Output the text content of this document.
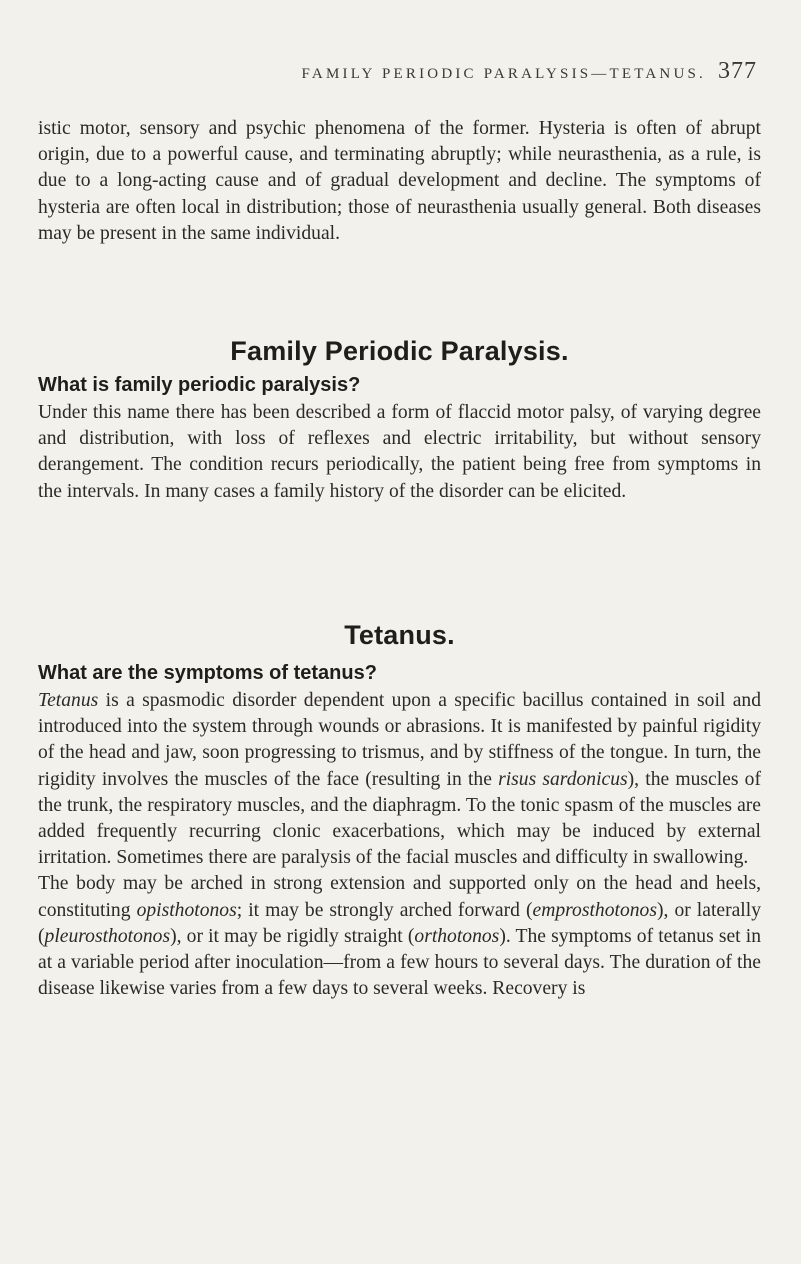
FAMILY PERIODIC PARALYSIS—TETANUS. 377

istic motor, sensory and psychic phenomena of the former. Hysteria is often of abrupt origin, due to a powerful cause, and terminating abruptly; while neurasthenia, as a rule, is due to a long-acting cause and of gradual development and decline. The symptoms of hysteria are often local in distribution; those of neurasthenia usually general. Both diseases may be present in the same individual.

Family Periodic Paralysis.
What is family periodic paralysis?

Under this name there has been described a form of flaccid motor palsy, of varying degree and distribution, with loss of reflexes and electric irritability, but without sensory derangement. The condition recurs periodically, the patient being free from symptoms in the intervals. In many cases a family history of the disorder can be elicited.

Tetanus.
What are the symptoms of tetanus?

Tetanus is a spasmodic disorder dependent upon a specific bacillus contained in soil and introduced into the system through wounds or abrasions. It is manifested by painful rigidity of the head and jaw, soon progressing to trismus, and by stiffness of the tongue. In turn, the rigidity involves the muscles of the face (resulting in the risus sardonicus), the muscles of the trunk, the respiratory muscles, and the diaphragm. To the tonic spasm of the muscles are added frequently recurring clonic exacerbations, which may be induced by external irritation. Sometimes there are paralysis of the facial muscles and difficulty in swallowing.

The body may be arched in strong extension and supported only on the head and heels, constituting opisthotonos; it may be strongly arched forward (emprosthotonos), or laterally (pleurosthotonos), or it may be rigidly straight (orthotonos). The symptoms of tetanus set in at a variable period after inoculation—from a few hours to several days. The duration of the disease likewise varies from a few days to several weeks. Recovery is
